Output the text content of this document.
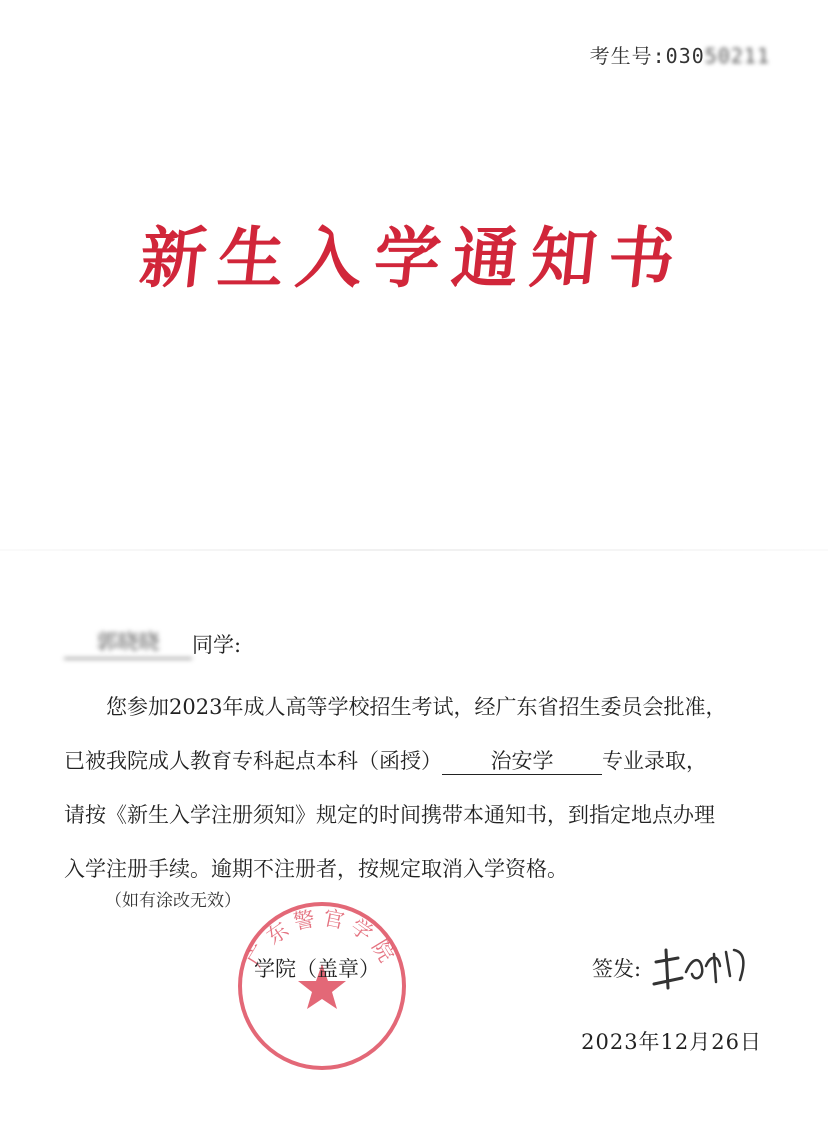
考生号:03050211
新生入学通知书
郭晓晓	同学:
您参加2023年成人高等学校招生考试，经广东省招生委员会批准，
已被我院成人教育专科起点本科（函授） 治安学 专业录取，
请按《新生入学注册须知》规定的时间携带本通知书，到指定地点办理
入学注册手续。逾期不注册者，按规定取消入学资格。
（如有涂改无效）
广东警官学院
学院（盖章）	签发:
2023年12月26日
